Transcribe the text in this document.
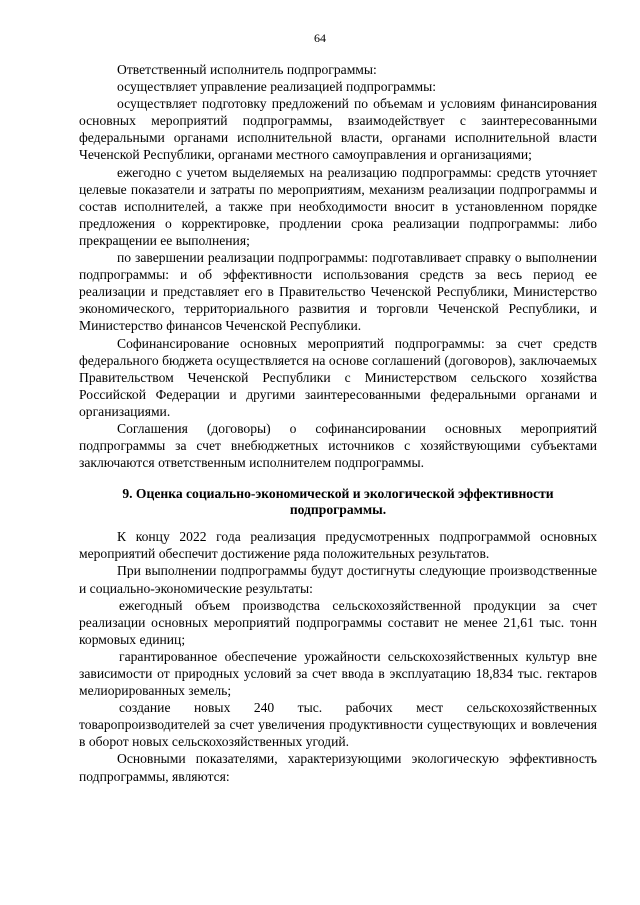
64

Ответственный исполнитель подпрограммы:

осуществляет управление реализацией подпрограммы:

осуществляет подготовку предложений по объемам и условиям финансирования основных мероприятий подпрограммы, взаимодействует с заинтересованными федеральными органами исполнительной власти, органами исполнительной власти Чеченской Республики, органами местного самоуправления и организациями;

ежегодно с учетом выделяемых на реализацию подпрограммы: средств уточняет целевые показатели и затраты по мероприятиям, механизм реализации подпрограммы и состав исполнителей, а также при необходимости вносит в установленном порядке предложения о корректировке, продлении срока реализации подпрограммы: либо прекращении ее выполнения;

по завершении реализации подпрограммы: подготавливает справку о выполнении подпрограммы: и об эффективности использования средств за весь период ее реализации и представляет его в Правительство Чеченской Республики, Министерство экономического, территориального развития и торговли Чеченской Республики, и Министерство финансов Чеченской Республики.

Софинансирование основных мероприятий подпрограммы: за счет средств федерального бюджета осуществляется на основе соглашений (договоров), заключаемых Правительством Чеченской Республики с Министерством сельского хозяйства Российской Федерации и другими заинтересованными федеральными органами и организациями.

Соглашения (договоры) о софинансировании основных мероприятий подпрограммы за счет внебюджетных источников с хозяйствующими субъектами заключаются ответственным исполнителем подпрограммы.

9. Оценка социально-экономической и экологической эффективности подпрограммы.

К концу 2022 года реализация предусмотренных подпрограммой основных мероприятий обеспечит достижение ряда положительных результатов.

При выполнении подпрограммы будут достигнуты следующие производственные и социально-экономические результаты:

ежегодный объем производства сельскохозяйственной продукции за счет реализации основных мероприятий подпрограммы составит не менее 21,61 тыс. тонн кормовых единиц;

гарантированное обеспечение урожайности сельскохозяйственных культур вне зависимости от природных условий за счет ввода в эксплуатацию 18,834 тыс. гектаров мелиорированных земель;

создание новых 240 тыс. рабочих мест сельскохозяйственных товаропроизводителей за счет увеличения продуктивности существующих и вовлечения в оборот новых сельскохозяйственных угодий.

Основными показателями, характеризующими экологическую эффективность подпрограммы, являются:
